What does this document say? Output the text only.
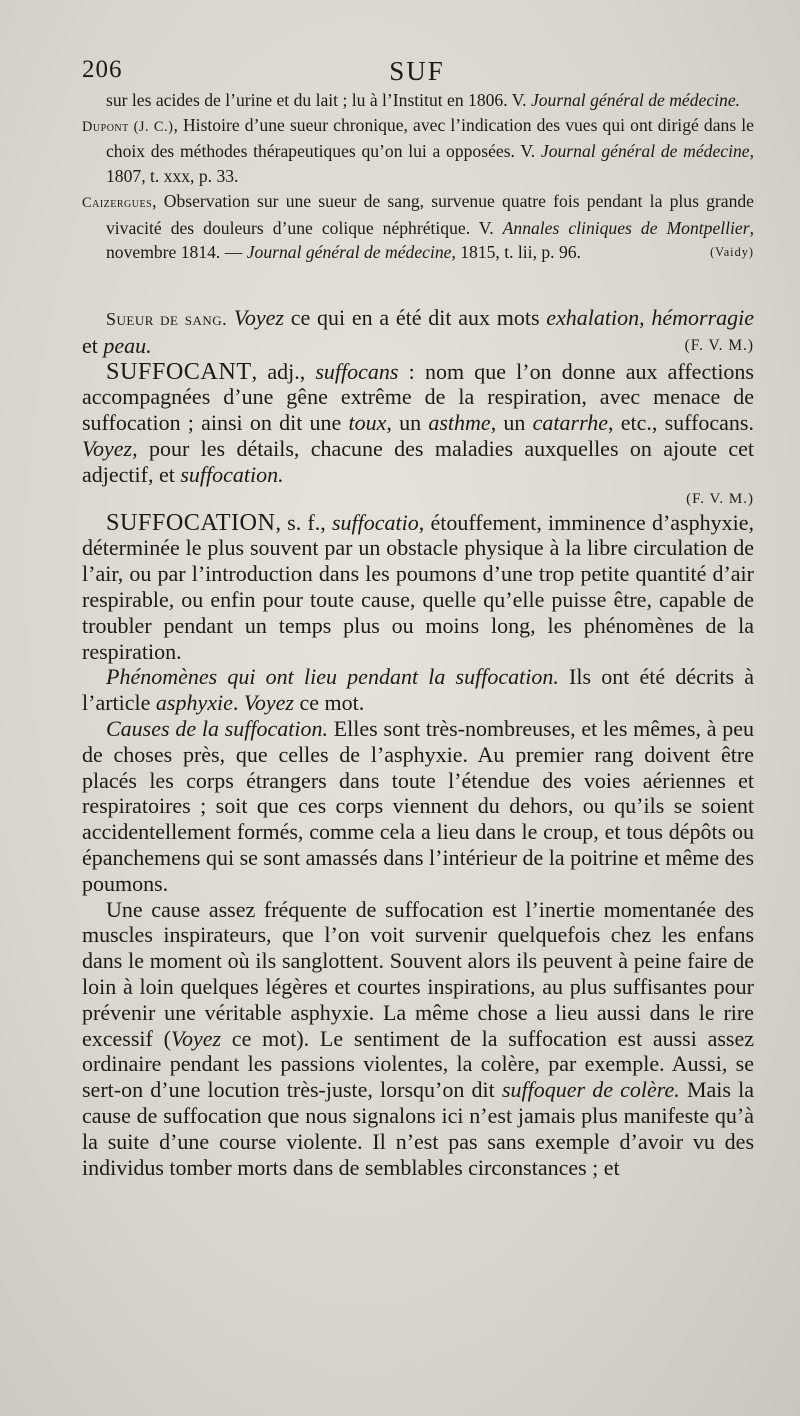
SUF
206

sur les acides de l’urine et du lait ; lu à l’Institut en 1806. V. Journal général de médecine.

Dupont (J. C.), Histoire d’une sueur chronique, avec l’indication des vues qui ont dirigé dans le choix des méthodes thérapeutiques qu’on lui a opposées. V. Journal général de médecine, 1807, t. xxx, p. 33.

Caizergues, Observation sur une sueur de sang, survenue quatre fois pendant la plus grande vivacité des douleurs d’une colique néphrétique. V. Annales cliniques de Montpellier, novembre 1814. — Journal général de médecine, 1815, t. lii, p. 96.	(Vaidy)

Sueur de sang. Voyez ce qui en a été dit aux mots exhalation, hémorragie et peau.	(F. V. M.)

SUFFOCANT, adj., suffocans : nom que l’on donne aux affections accompagnées d’une gêne extrême de la respiration, avec menace de suffocation ; ainsi on dit une toux, un asthme, un catarrhe, etc., suffocans. Voyez, pour les détails, chacune des maladies auxquelles on ajoute cet adjectif, et suffocation.

(F. V. M.)

SUFFOCATION, s. f., suffocatio, étouffement, imminence d’asphyxie, déterminée le plus souvent par un obstacle physique à la libre circulation de l’air, ou par l’introduction dans les poumons d’une trop petite quantité d’air respirable, ou enfin pour toute cause, quelle qu’elle puisse être, capable de troubler pendant un temps plus ou moins long, les phénomènes de la respiration.

Phénomènes qui ont lieu pendant la suffocation. Ils ont été décrits à l’article asphyxie. Voyez ce mot.

Causes de la suffocation. Elles sont très-nombreuses, et les mêmes, à peu de choses près, que celles de l’asphyxie. Au premier rang doivent être placés les corps étrangers dans toute l’étendue des voies aériennes et respiratoires ; soit que ces corps viennent du dehors, ou qu’ils se soient accidentellement formés, comme cela a lieu dans le croup, et tous dépôts ou épanchemens qui se sont amassés dans l’intérieur de la poitrine et même des poumons.

Une cause assez fréquente de suffocation est l’inertie momentanée des muscles inspirateurs, que l’on voit survenir quelquefois chez les enfans dans le moment où ils sanglottent. Souvent alors ils peuvent à peine faire de loin à loin quelques légères et courtes inspirations, au plus suffisantes pour prévenir une véritable asphyxie. La même chose a lieu aussi dans le rire excessif (Voyez ce mot). Le sentiment de la suffocation est aussi assez ordinaire pendant les passions violentes, la colère, par exemple. Aussi, se sert-on d’une locution très-juste, lorsqu’on dit suffoquer de colère. Mais la cause de suffocation que nous signalons ici n’est jamais plus manifeste qu’à la suite d’une course violente. Il n’est pas sans exemple d’avoir vu des individus tomber morts dans de semblables circonstances ; et
